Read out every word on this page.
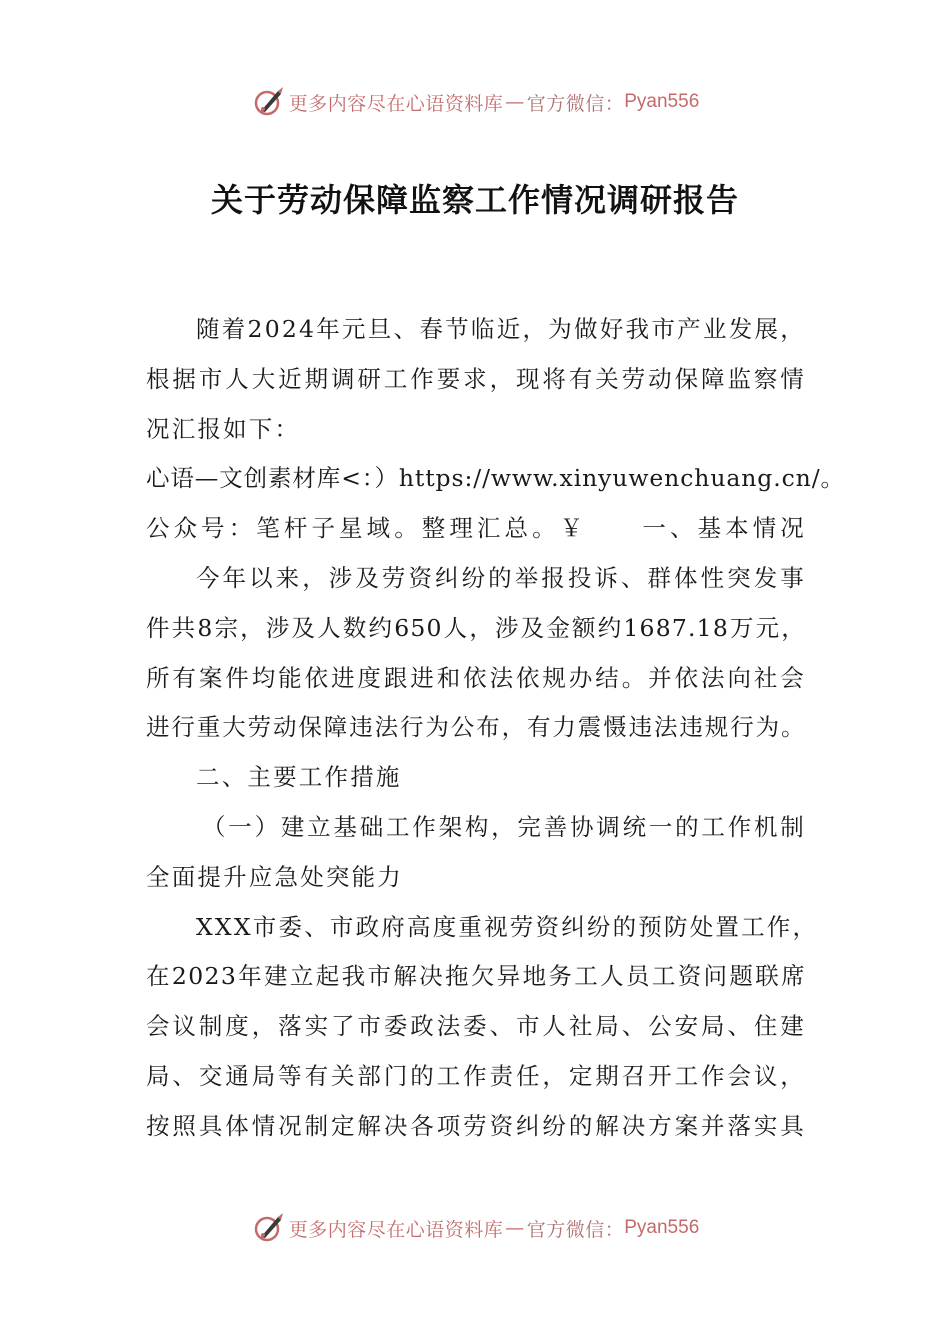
更多内容尽在心语资料库 — 官方微信： Pyan556
关于劳动保障监察工作情况调研报告
随着2024年元旦、春节临近，为做好我市产业发展，
根据市人大近期调研工作要求，现将有关劳动保障监察情
况汇报如下：
心语—文创素材库<：）https://www.xinyuwenchuang.cn/。
公众号：笔杆子星域。整理汇总。￥　　一、基本情况
今年以来，涉及劳资纠纷的举报投诉、群体性突发事
件共8宗，涉及人数约650人，涉及金额约1687.18万元，
所有案件均能依进度跟进和依法依规办结。并依法向社会
进行重大劳动保障违法行为公布，有力震慑违法违规行为。
二、主要工作措施
（一）建立基础工作架构，完善协调统一的工作机制
全面提升应急处突能力
XXX市委、市政府高度重视劳资纠纷的预防处置工作，
在2023年建立起我市解决拖欠异地务工人员工资问题联席
会议制度，落实了市委政法委、市人社局、公安局、住建
局、交通局等有关部门的工作责任，定期召开工作会议，
按照具体情况制定解决各项劳资纠纷的解决方案并落实具
更多内容尽在心语资料库 — 官方微信： Pyan556
